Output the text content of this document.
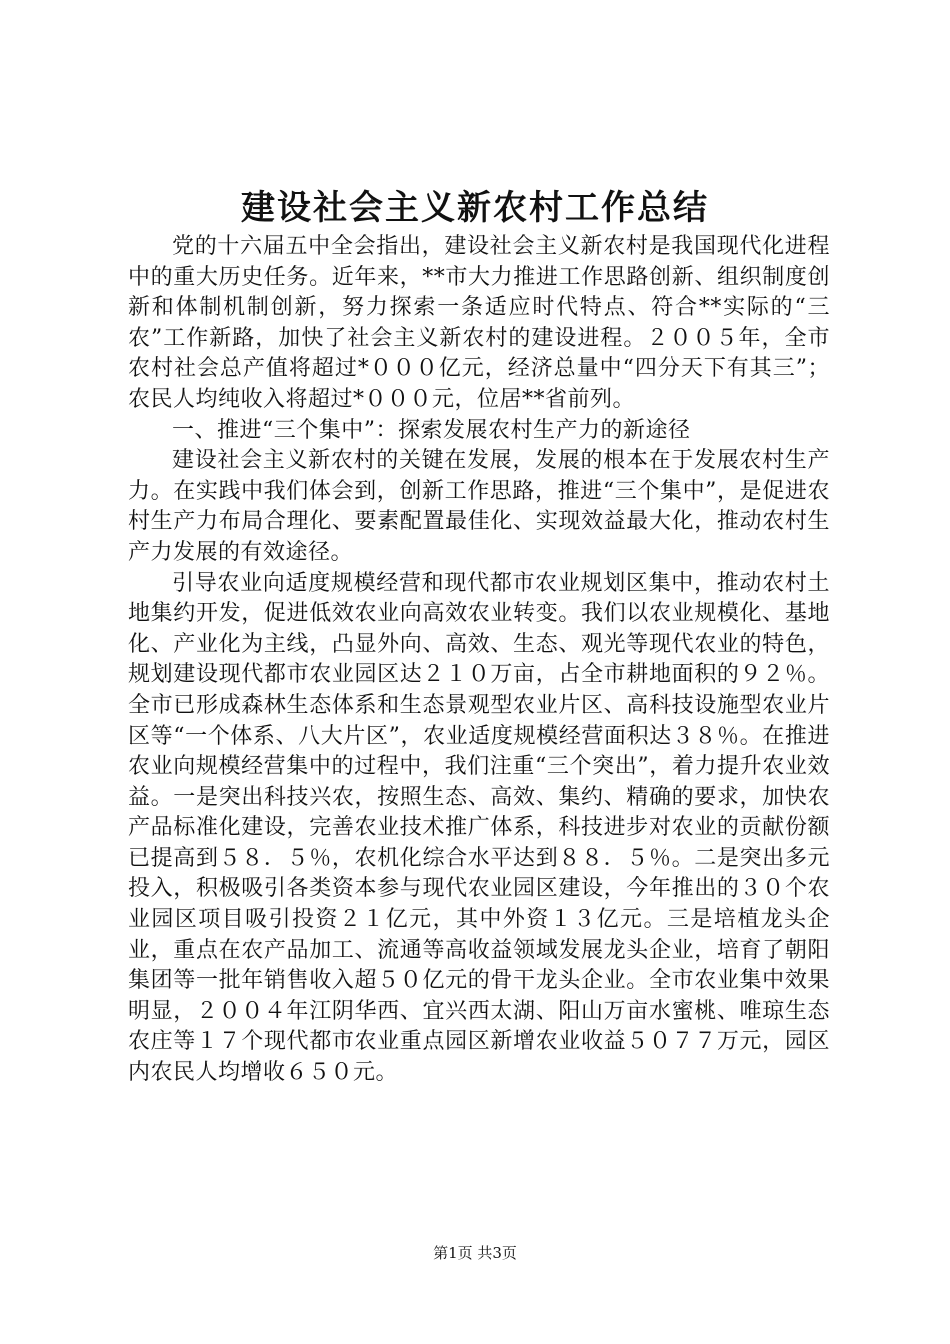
建设社会主义新农村工作总结

党的十六届五中全会指出，建设社会主义新农村是我国现代化进程中的重大历史任务。近年来，**市大力推进工作思路创新、组织制度创新和体制机制创新，努力探索一条适应时代特点、符合**实际的“三农”工作新路，加快了社会主义新农村的建设进程。２００５年，全市农村社会总产值将超过*０００亿元，经济总量中“四分天下有其三”；农民人均纯收入将超过*０００元，位居**省前列。

一、推进“三个集中”：探索发展农村生产力的新途径

建设社会主义新农村的关键在发展，发展的根本在于发展农村生产力。在实践中我们体会到，创新工作思路，推进“三个集中”，是促进农村生产力布局合理化、要素配置最佳化、实现效益最大化，推动农村生产力发展的有效途径。

引导农业向适度规模经营和现代都市农业规划区集中，推动农村土地集约开发，促进低效农业向高效农业转变。我们以农业规模化、基地化、产业化为主线，凸显外向、高效、生态、观光等现代农业的特色，规划建设现代都市农业园区达２１０万亩，占全市耕地面积的９２％。全市已形成森林生态体系和生态景观型农业片区、高科技设施型农业片区等“一个体系、八大片区”，农业适度规模经营面积达３８％。在推进农业向规模经营集中的过程中，我们注重“三个突出”，着力提升农业效益。一是突出科技兴农，按照生态、高效、集约、精确的要求，加快农产品标准化建设，完善农业技术推广体系，科技进步对农业的贡献份额已提高到５８．５％，农机化综合水平达到８８．５％。二是突出多元投入，积极吸引各类资本参与现代农业园区建设，今年推出的３０个农业园区项目吸引投资２１亿元，其中外资１３亿元。三是培植龙头企业，重点在农产品加工、流通等高收益领域发展龙头企业，培育了朝阳集团等一批年销售收入超５０亿元的骨干龙头企业。全市农业集中效果明显，２００４年江阴华西、宜兴西太湖、阳山万亩水蜜桃、唯琼生态农庄等１７个现代都市农业重点园区新增农业收益５０７７万元，园区内农民人均增收６５０元。

第1页 共3页
